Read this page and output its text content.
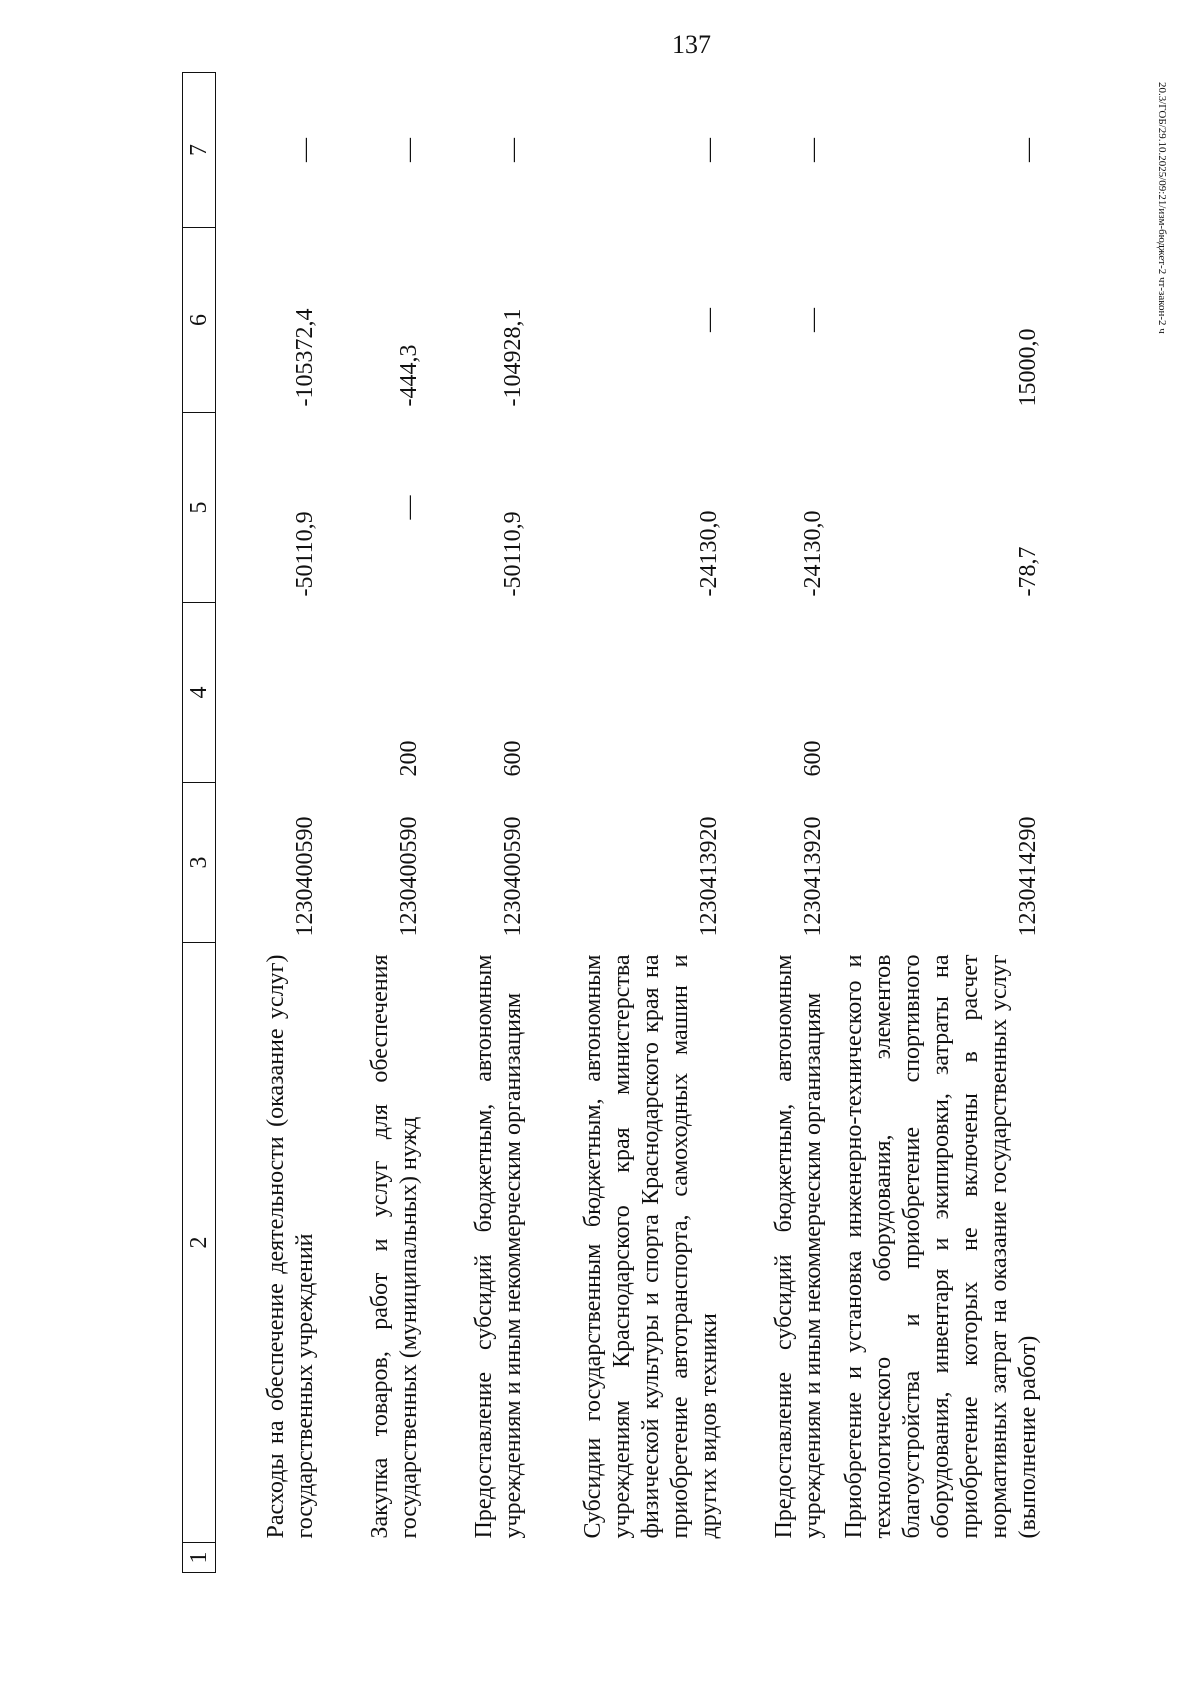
137
20.3/ГОБ/29.10.2025/09:21/изм-бюджет-2 чт-закон-2 ч
1	2	3	4	5	6	7
	Расходы на обеспечение деятельности (оказание услуг) государственных учреждений	1230400590		-50110,9	-105372,4	—
	Закупка товаров, работ и услуг для обеспечения государственных (муниципальных) нужд	1230400590	200	—	-444,3	—
	Предоставление субсидий бюджетным, автономным учреждениям и иным некоммерческим организациям	1230400590	600	-50110,9	-104928,1	—
	Субсидии государственным бюджетным, автономным учреждениям Краснодарского края министерства физической культуры и спорта Краснодарского края на приобретение автотранспорта, самоходных машин и других видов техники	1230413920		-24130,0	—	—
	Предоставление субсидий бюджетным, автономным учреждениям и иным некоммерческим организациям	1230413920	600	-24130,0	—	—
	Приобретение и установка инженерно-технического и технологического оборудования, элементов благоустройства и приобретение спортивного оборудования, инвентаря и экипировки, затраты на приобретение которых не включены в расчет нормативных затрат на оказание государственных услуг (выполнение работ)	1230414290		-78,7	15000,0	—
